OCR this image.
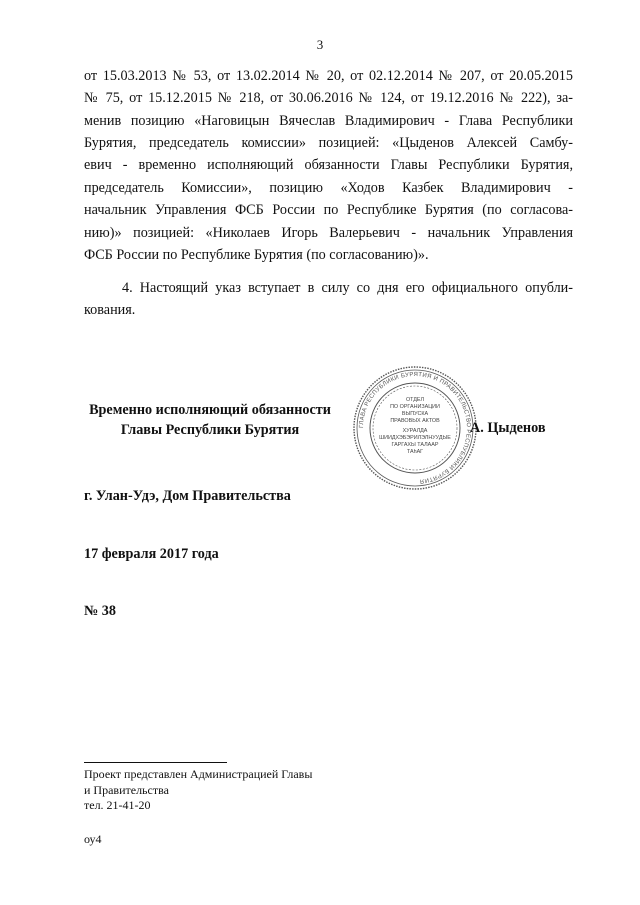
3
от 15.03.2013 № 53, от 13.02.2014 № 20, от 02.12.2014 № 207, от 20.05.2015
№ 75, от 15.12.2015 № 218, от 30.06.2016 № 124, от 19.12.2016 № 222), за-
менив позицию «Наговицын Вячеслав Владимирович - Глава Республики
Бурятия, председатель комиссии» позицией: «Цыденов Алексей Самбу-
евич - временно исполняющий обязанности Главы Республики Бурятия,
председатель Комиссии», позицию «Ходов Казбек Владимирович -
начальник Управления ФСБ России по Республике Бурятия (по согласова-
нию)» позицией: «Николаев Игорь Валерьевич - начальник Управления
ФСБ России по Республике Бурятия (по согласованию)».
4. Настоящий указ вступает в силу со дня его официального опубли-
кования.
Временно исполняющий обязанности
Главы Республики Бурятия	ГЛАВА РЕСПУБЛИКИ БУРЯТИЯ И ПРАВИТЕЛЬСТВО РЕСПУБЛИКИ БУРЯТИЯ
ОТДЕЛ
ПО ОРГАНИЗАЦИИ
ВЫПУСКА
ПРАВОВЫХ АКТОВ
ХУРАЛДА
ШИИДХЭБЭРИЛЭЛНУУДЫЕ
ГАРГАХЫ ТАЛААР
ТАһАГ
А. Цыденов
г. Улан-Удэ, Дом Правительства
17 февраля 2017 года
№ 38
Проект представлен Администрацией Главы
и Правительства
тел. 21-41-20
оу4
